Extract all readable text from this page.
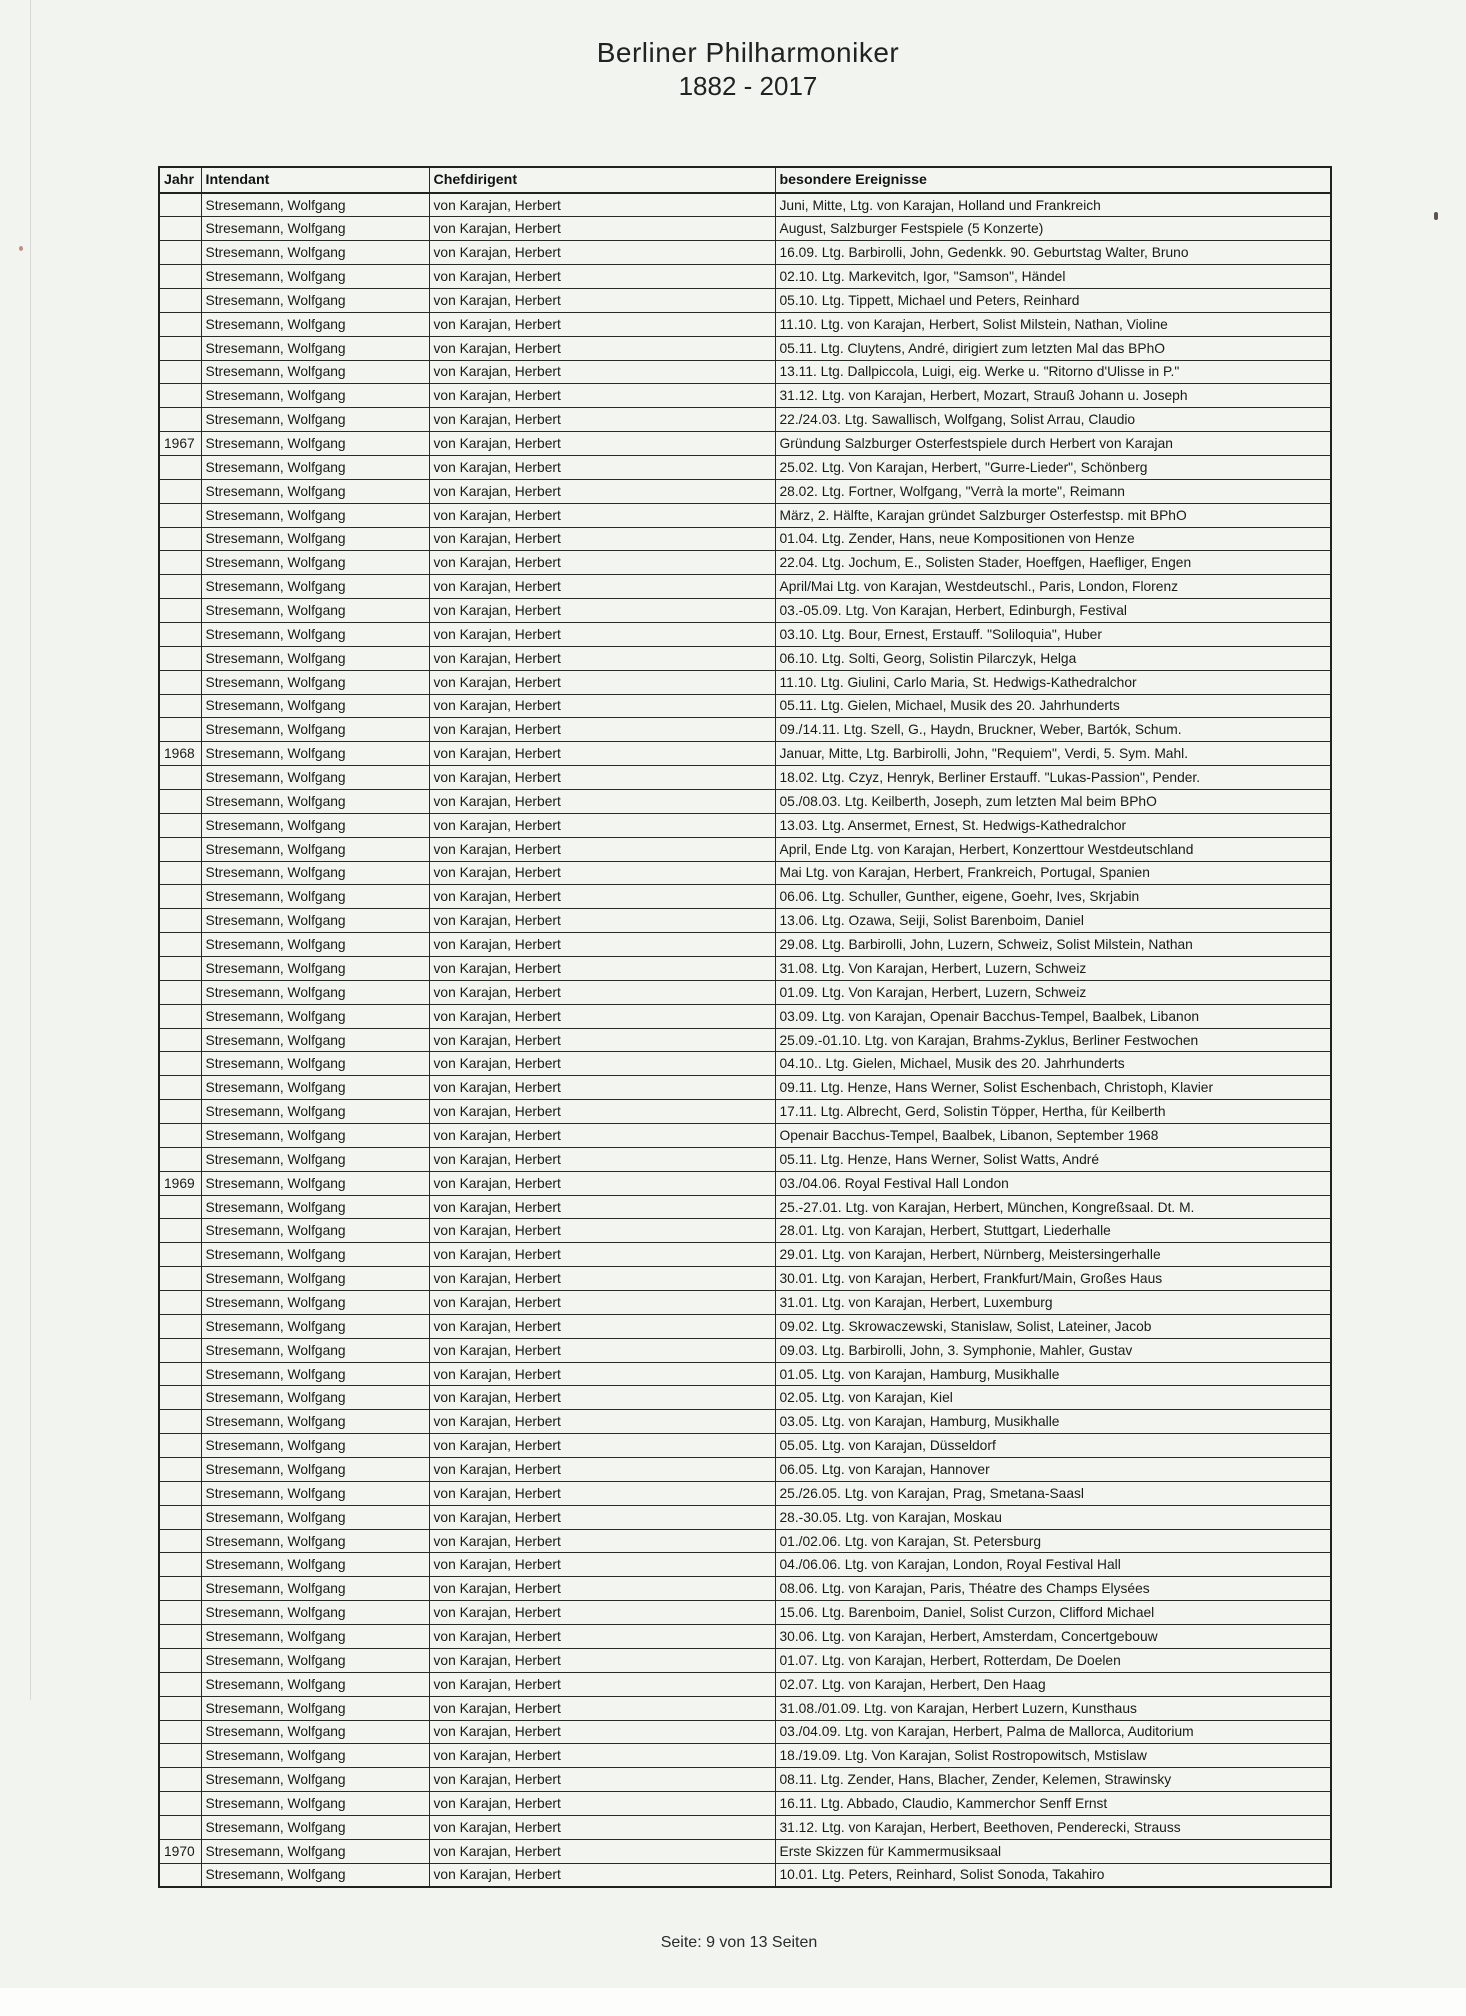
Berliner Philharmoniker
1882 - 2017
Jahr	Intendant	Chefdirigent	besondere Ereignisse
	Stresemann, Wolfgang	von Karajan, Herbert	Juni, Mitte, Ltg. von Karajan, Holland und Frankreich
	Stresemann, Wolfgang	von Karajan, Herbert	August, Salzburger Festspiele (5 Konzerte)
	Stresemann, Wolfgang	von Karajan, Herbert	16.09. Ltg. Barbirolli, John, Gedenkk. 90. Geburtstag Walter, Bruno
	Stresemann, Wolfgang	von Karajan, Herbert	02.10. Ltg. Markevitch, Igor, "Samson", Händel
	Stresemann, Wolfgang	von Karajan, Herbert	05.10. Ltg. Tippett, Michael und Peters, Reinhard
	Stresemann, Wolfgang	von Karajan, Herbert	11.10. Ltg. von Karajan, Herbert, Solist Milstein, Nathan, Violine
	Stresemann, Wolfgang	von Karajan, Herbert	05.11. Ltg. Cluytens, André, dirigiert zum letzten Mal das BPhO
	Stresemann, Wolfgang	von Karajan, Herbert	13.11. Ltg. Dallpiccola, Luigi, eig. Werke u. "Ritorno d'Ulisse in P."
	Stresemann, Wolfgang	von Karajan, Herbert	31.12. Ltg. von Karajan, Herbert, Mozart, Strauß Johann u. Joseph
	Stresemann, Wolfgang	von Karajan, Herbert	22./24.03. Ltg. Sawallisch, Wolfgang, Solist Arrau, Claudio
1967	Stresemann, Wolfgang	von Karajan, Herbert	Gründung Salzburger Osterfestspiele durch Herbert von Karajan
	Stresemann, Wolfgang	von Karajan, Herbert	25.02. Ltg. Von Karajan, Herbert, "Gurre-Lieder", Schönberg
	Stresemann, Wolfgang	von Karajan, Herbert	28.02. Ltg. Fortner, Wolfgang, "Verrà la morte", Reimann
	Stresemann, Wolfgang	von Karajan, Herbert	März, 2. Hälfte, Karajan gründet Salzburger Osterfestsp. mit BPhO
	Stresemann, Wolfgang	von Karajan, Herbert	01.04. Ltg. Zender, Hans, neue Kompositionen von Henze
	Stresemann, Wolfgang	von Karajan, Herbert	22.04. Ltg. Jochum, E., Solisten Stader, Hoeffgen, Haefliger, Engen
	Stresemann, Wolfgang	von Karajan, Herbert	April/Mai Ltg. von Karajan, Westdeutschl., Paris, London, Florenz
	Stresemann, Wolfgang	von Karajan, Herbert	03.-05.09. Ltg. Von Karajan, Herbert, Edinburgh, Festival
	Stresemann, Wolfgang	von Karajan, Herbert	03.10. Ltg. Bour, Ernest, Erstauff. "Soliloquia", Huber
	Stresemann, Wolfgang	von Karajan, Herbert	06.10. Ltg. Solti, Georg, Solistin Pilarczyk, Helga
	Stresemann, Wolfgang	von Karajan, Herbert	11.10. Ltg. Giulini, Carlo Maria, St. Hedwigs-Kathedralchor
	Stresemann, Wolfgang	von Karajan, Herbert	05.11. Ltg. Gielen, Michael, Musik des 20. Jahrhunderts
	Stresemann, Wolfgang	von Karajan, Herbert	09./14.11. Ltg. Szell, G., Haydn, Bruckner, Weber, Bartók, Schum.
1968	Stresemann, Wolfgang	von Karajan, Herbert	Januar, Mitte, Ltg. Barbirolli, John, "Requiem", Verdi, 5. Sym. Mahl.
	Stresemann, Wolfgang	von Karajan, Herbert	18.02. Ltg. Czyz, Henryk, Berliner Erstauff. "Lukas-Passion", Pender.
	Stresemann, Wolfgang	von Karajan, Herbert	05./08.03. Ltg. Keilberth, Joseph, zum letzten Mal beim BPhO
	Stresemann, Wolfgang	von Karajan, Herbert	13.03. Ltg. Ansermet, Ernest, St. Hedwigs-Kathedralchor
	Stresemann, Wolfgang	von Karajan, Herbert	April, Ende Ltg. von Karajan, Herbert, Konzerttour Westdeutschland
	Stresemann, Wolfgang	von Karajan, Herbert	Mai Ltg. von Karajan, Herbert, Frankreich, Portugal, Spanien
	Stresemann, Wolfgang	von Karajan, Herbert	06.06. Ltg. Schuller, Gunther, eigene, Goehr, Ives, Skrjabin
	Stresemann, Wolfgang	von Karajan, Herbert	13.06. Ltg. Ozawa, Seiji, Solist Barenboim, Daniel
	Stresemann, Wolfgang	von Karajan, Herbert	29.08. Ltg. Barbirolli, John, Luzern, Schweiz, Solist Milstein, Nathan
	Stresemann, Wolfgang	von Karajan, Herbert	31.08. Ltg. Von Karajan, Herbert, Luzern, Schweiz
	Stresemann, Wolfgang	von Karajan, Herbert	01.09. Ltg. Von Karajan, Herbert, Luzern, Schweiz
	Stresemann, Wolfgang	von Karajan, Herbert	03.09. Ltg. von Karajan, Openair Bacchus-Tempel, Baalbek, Libanon
	Stresemann, Wolfgang	von Karajan, Herbert	25.09.-01.10. Ltg. von Karajan, Brahms-Zyklus, Berliner Festwochen
	Stresemann, Wolfgang	von Karajan, Herbert	04.10.. Ltg. Gielen, Michael, Musik des 20. Jahrhunderts
	Stresemann, Wolfgang	von Karajan, Herbert	09.11. Ltg. Henze, Hans Werner, Solist Eschenbach, Christoph, Klavier
	Stresemann, Wolfgang	von Karajan, Herbert	17.11. Ltg. Albrecht, Gerd, Solistin Töpper, Hertha, für Keilberth
	Stresemann, Wolfgang	von Karajan, Herbert	Openair Bacchus-Tempel, Baalbek, Libanon, September 1968
	Stresemann, Wolfgang	von Karajan, Herbert	05.11. Ltg. Henze, Hans Werner, Solist Watts, André
1969	Stresemann, Wolfgang	von Karajan, Herbert	03./04.06. Royal Festival Hall London
	Stresemann, Wolfgang	von Karajan, Herbert	25.-27.01. Ltg. von Karajan, Herbert, München, Kongreßsaal. Dt. M.
	Stresemann, Wolfgang	von Karajan, Herbert	28.01. Ltg. von Karajan, Herbert, Stuttgart, Liederhalle
	Stresemann, Wolfgang	von Karajan, Herbert	29.01. Ltg. von Karajan, Herbert, Nürnberg, Meistersingerhalle
	Stresemann, Wolfgang	von Karajan, Herbert	30.01. Ltg. von Karajan, Herbert, Frankfurt/Main, Großes Haus
	Stresemann, Wolfgang	von Karajan, Herbert	31.01. Ltg. von Karajan, Herbert, Luxemburg
	Stresemann, Wolfgang	von Karajan, Herbert	09.02. Ltg. Skrowaczewski, Stanislaw, Solist, Lateiner, Jacob
	Stresemann, Wolfgang	von Karajan, Herbert	09.03. Ltg. Barbirolli, John, 3. Symphonie, Mahler, Gustav
	Stresemann, Wolfgang	von Karajan, Herbert	01.05. Ltg. von Karajan, Hamburg, Musikhalle
	Stresemann, Wolfgang	von Karajan, Herbert	02.05. Ltg. von Karajan, Kiel
	Stresemann, Wolfgang	von Karajan, Herbert	03.05. Ltg. von Karajan, Hamburg, Musikhalle
	Stresemann, Wolfgang	von Karajan, Herbert	05.05. Ltg. von Karajan, Düsseldorf
	Stresemann, Wolfgang	von Karajan, Herbert	06.05. Ltg. von Karajan, Hannover
	Stresemann, Wolfgang	von Karajan, Herbert	25./26.05. Ltg. von Karajan, Prag, Smetana-Saasl
	Stresemann, Wolfgang	von Karajan, Herbert	28.-30.05. Ltg. von Karajan, Moskau
	Stresemann, Wolfgang	von Karajan, Herbert	01./02.06. Ltg. von Karajan, St. Petersburg
	Stresemann, Wolfgang	von Karajan, Herbert	04./06.06. Ltg. von Karajan, London, Royal Festival Hall
	Stresemann, Wolfgang	von Karajan, Herbert	08.06. Ltg. von Karajan, Paris, Théatre des Champs Elysées
	Stresemann, Wolfgang	von Karajan, Herbert	15.06. Ltg. Barenboim, Daniel, Solist Curzon, Clifford Michael
	Stresemann, Wolfgang	von Karajan, Herbert	30.06. Ltg. von Karajan, Herbert, Amsterdam, Concertgebouw
	Stresemann, Wolfgang	von Karajan, Herbert	01.07. Ltg. von Karajan, Herbert, Rotterdam, De Doelen
	Stresemann, Wolfgang	von Karajan, Herbert	02.07. Ltg. von Karajan, Herbert, Den Haag
	Stresemann, Wolfgang	von Karajan, Herbert	31.08./01.09. Ltg. von Karajan, Herbert Luzern, Kunsthaus
	Stresemann, Wolfgang	von Karajan, Herbert	03./04.09. Ltg. von Karajan, Herbert, Palma de Mallorca, Auditorium
	Stresemann, Wolfgang	von Karajan, Herbert	18./19.09. Ltg. Von Karajan, Solist Rostropowitsch, Mstislaw
	Stresemann, Wolfgang	von Karajan, Herbert	08.11. Ltg. Zender, Hans, Blacher, Zender, Kelemen, Strawinsky
	Stresemann, Wolfgang	von Karajan, Herbert	16.11. Ltg. Abbado, Claudio, Kammerchor Senff Ernst
	Stresemann, Wolfgang	von Karajan, Herbert	31.12. Ltg. von Karajan, Herbert, Beethoven, Penderecki, Strauss
1970	Stresemann, Wolfgang	von Karajan, Herbert	Erste Skizzen für Kammermusiksaal
	Stresemann, Wolfgang	von Karajan, Herbert	10.01. Ltg. Peters, Reinhard, Solist Sonoda, Takahiro
Seite: 9 von 13 Seiten
